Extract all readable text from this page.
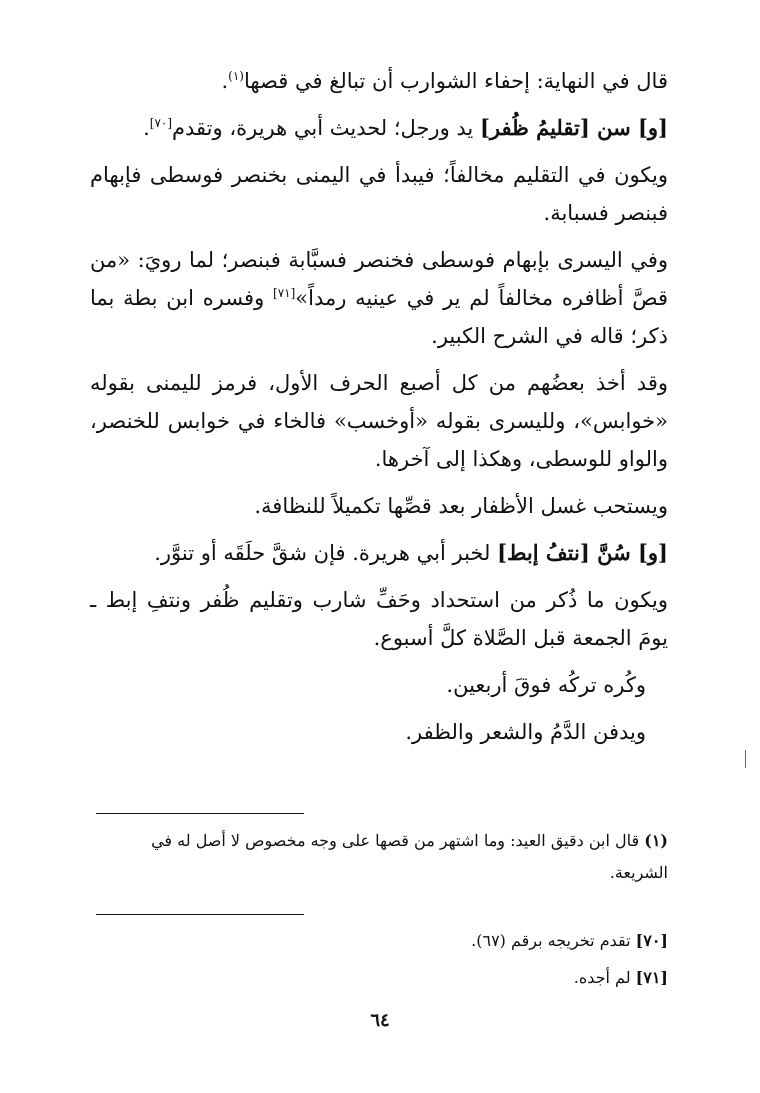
قال في النهاية: إحفاء الشوارب أن تبالغ في قصها$^{(١)}$.

[و] سن [تقليمُ ظُفر] يد ورجل؛ لحديث أبي هريرة، وتقدم[٧٠].

ويكون في التقليم مخالفاً؛ فيبدأ في اليمنى بخنصر فوسطى فإبهام فبنصر فسبابة.

وفي اليسرى بإبهام فوسطى فخنصر فسبَّابة فبنصر؛ لما رويَ: «من قصَّ أظافره مخالفاً لم ير في عينيه رمداً»[٧١] وفسره ابن بطة بما ذكر؛ قاله في الشرح الكبير.

وقد أخذ بعضُهم من كل أصبع الحرف الأول، فرمز لليمنى بقوله «خوابس»، ولليسرى بقوله «أوخسب» فالخاء في خوابس للخنصر، والواو للوسطى، وهكذا إلى آخرها.

ويستحب غسل الأظفار بعد قصِّها تكميلاً للنظافة.

[و] سُنَّ [نتفُ إبط] لخبر أبي هريرة. فإن شقَّ حلَقَه أو تنوَّر.

ويكون ما ذُكر من استحداد وحَفِّ شارب وتقليم ظُفر ونتفِ إبط ـ يومَ الجمعة قبل الصَّلاة كلَّ أسبوع.

وكُره تركُه فوقَ أربعين.

ويدفن الدَّمُ والشعر والظفر.

(١) قال ابن دقيق العيد: وما اشتهر من قصها على وجه مخصوص لا أصل له في الشريعة.

[٧٠] تقدم تخريجه برقم (٦٧).

[٧١] لم أجده.

٦٤
